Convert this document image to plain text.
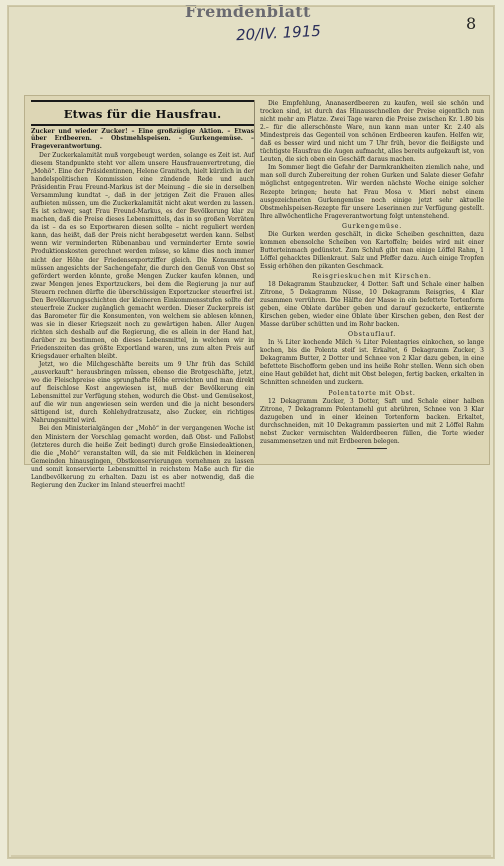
Fremdenblatt
20/IV. 1915	8
Etwas für die Hausfrau.
Zucker und wieder Zucker! – Eine großzügige Aktion. – Etwas über Erdbeeren. – Obstmehlspeisen. – Gurkengemüse. – Frageverantwortung.

Der Zuckerkalamität muß vorgebeugt werden, solange es Zeit ist. Auf diesem Standpunkte steht vor allem unsere Hausfrauenvertretung, die „Mohö“. Eine der Präsidentinnen, Helene Granitsch, hielt kürzlich in der handelspolitischen Kommission eine zündende Rede und auch Präsidentin Frau Freund-Markus ist der Meinung – die sie in derselben Versammlung kundtat –, daß in der jetzigen Zeit die Frauen alles aufbieten müssen, um die Zuckerkalamität nicht akut werden zu lassen. Es ist schwer, sagt Frau Freund-Markus, es der Bevölkerung klar zu machen, daß die Preise dieses Lebensmittels, das in so großen Vorräten da ist – da es so Exportwaren diesen sollte – nicht reguliert werden kann, das heißt, daß der Preis nicht herabgesetzt werden kann. Selbst wenn wir verminderten Rübenanbau und verminderter Ernte sowie Produktionskosten gerechnet werden müsse, so käme dies noch immer nicht der Höhe der Friedensexportziffer gleich. Die Konsumenten müssen angesichts der Sachengefahr, die durch den Genuß von Obst so gefördert werden könnte, große Mengen Zucker kaufen können, und zwar Mengen jenes Exportzuckers, bei dem die Regierung ja nur auf Steuern rechnen dürfte die überschüssigen Exportzucker steuerfrei ist. Den Bevölkerungsschichten der kleineren Einkommensstufen sollte der steuerfreie Zucker zugänglich gemacht werden. Dieser Zuckerpreis ist das Barometer für die Konsumenten, von welchem sie ablesen können, was sie in dieser Kriegszeit noch zu gewärtigen haben. Aller Augen richten sich deshalb auf die Regierung, die es allein in der Hand hat, darüber zu bestimmen, ob dieses Lebensmittel, in welchem wir in Friedenszeiten das größte Exportland waren, uns zum alten Preis auf Kriegsdauer erhalten bleibt.

Jetzt, wo die Milchgeschäfte bereits um 9 Uhr früh das Schild „ausverkauft“ herausbringen müssen, ebenso die Brotgeschäfte, jetzt, wo die Fleischpreise eine sprunghafte Höhe erreichten und man direkt auf fleischlose Kost angewiesen ist, muß der Bevölkerung ein Lebensmittel zur Verfügung stehen, wodurch die Obst- und Gemüsekost, auf die wir nun angewiesen sein werden und die ja nicht besonders sättigend ist, durch Kohlehydratzusatz, also Zucker, ein richtiges Nahrungsmittel wird.

Bei den Ministerialgängen der „Mohö“ in der vergangenen Woche ist den Ministern der Vorschlag gemacht worden, daß Obst- und Fallobst (letzteres durch die heiße Zeit bedingt) durch große Einsiedeaktionen, die die „Mohö“ veranstalten will, da sie mit Feldküchen in kleineren Gemeinden hinausgingen, Obstkonservierungen vornehmen zu lassen und somit konservierte Lebensmittel in reichstem Maße auch für die Landbevölkerung zu erhalten. Dazu ist es aber notwendig, daß die Regierung den Zucker im Inland steuerfrei macht!

Die Empfehlung, Ananaserdbeeren zu kaufen, weil sie schön und trocken sind, ist durch das Hinausschnellen der Preise eigentlich nun nicht mehr am Platze. Zwei Tage waren die Preise zwischen Kr. 1.80 bis 2.– für die allerschönste Ware, nun kann man unter Kr. 2.40 als Mindestpreis das Gegenteil von schönen Erdbeeren kaufen. Helfen wir, daß es besser wird und nicht um 7 Uhr früh, bevor die fleißigste und tüchtigste Hausfrau die Augen aufmacht, alles bereits aufgekauft ist, von Leuten, die sich oben ein Geschäft daraus machen.

Im Sommer liegt die Gefahr der Darmkrankheiten ziemlich nahe, und man soll durch Zubereitung der rohen Gurken und Salate dieser Gefahr möglichst entgegentreten. Wir werden nächste Woche einige solcher Rezepte bringen; heute hat Frau Mosa v. Mieri nebst einem ausgezeichneten Gurkengemüse noch einige jetzt sehr aktuelle Obstmehlspeisen-Rezepte für unsere Leserinnen zur Verfügung gestellt. Ihre allwöchentliche Frageverantwortung folgt untenstehend.

Gurkengemüse.

Die Gurken werden geschält, in dicke Scheiben geschnitten, dazu kommen ebensolche Scheiben von Kartoffeln; beides wird mit einer Butterteinmach gedünstet. Zum Schluß gibt man einige Löffel Rahm, 1 Löffel gehacktes Dillenkraut. Salz und Pfeffer dazu. Auch einige Tropfen Essig erhöhen den pikanten Geschmack.

Reisgrieskuchen mit Kirschen.

18 Dekagramm Staubzucker, 4 Dotter. Saft und Schale einer halben Zitrone, 5 Dekagramm Nüsse, 10 Dekagramm Reisgries, 4 Klar zusammen verrühren. Die Hälfte der Masse in ein befettete Tortenform geben, eine Oblate darüber geben und darauf gezuckerte, entkernte Kirschen geben, wieder eine Oblate über Kirschen geben, den Rest der Masse darüber schütten und im Rohr backen.

Obstauflauf.

In ¼ Liter kochende Milch ¼ Liter Polentagries einkochen, so lange kochen, bis die Polenta steif ist. Erkaltet, 6 Dekagramm Zucker, 3 Dekagramm Butter, 2 Dotter und Schnee von 2 Klar dazu geben, in eine befettete Bischofform geben und ins heiße Rohr stellen. Wenn sich oben eine Haut gebildet hat, dicht mit Obst belegen, fertig backen, erkalten in Schnitten schneiden und zuckern.

Polentatorte mit Obst.

12 Dekagramm Zucker, 3 Dotter, Saft und Schale einer halben Zitrone, 7 Dekagramm Polentamehl gut abrühren, Schnee von 3 Klar dazugeben und in einer kleinen Tortenform backen. Erkaltet, durchschneiden, mit 10 Dekagramm passierten und mit 2 Löffel Rahm nebst Zucker vermischten Walderdbeeren füllen, die Torte wieder zusammensetzen und mit Erdbeeren belegen.
